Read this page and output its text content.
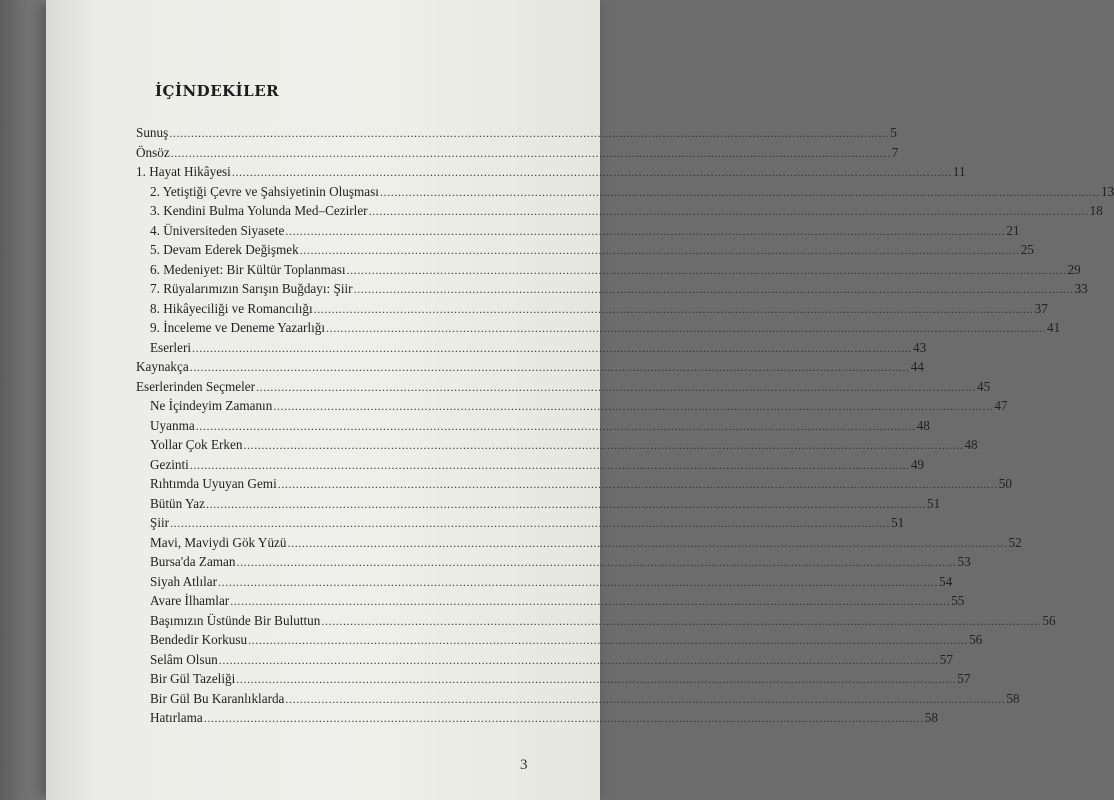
İÇİNDEKİLER
Sunuş ........................................................................................................................................................................................................ 5
Önsöz ........................................................................................................................................................................................................ 7
1. Hayat Hikâyesi ........................................................................................................................................................................................................ 11
2. Yetiştiği Çevre ve Şahsiyetinin Oluşması ........................................................................................................................................................................................................ 13
3. Kendini Bulma Yolunda Med–Cezirler ........................................................................................................................................................................................................ 18
4. Üniversiteden Siyasete ........................................................................................................................................................................................................ 21
5. Devam Ederek Değişmek ........................................................................................................................................................................................................ 25
6. Medeniyet: Bir Kültür Toplanması ........................................................................................................................................................................................................ 29
7. Rüyalarımızın Sarışın Buğdayı: Şiir ........................................................................................................................................................................................................ 33
8. Hikâyeciliği ve Romancılığı ........................................................................................................................................................................................................ 37
9. İnceleme ve Deneme Yazarlığı ........................................................................................................................................................................................................ 41
Eserleri ........................................................................................................................................................................................................ 43
Kaynakça ........................................................................................................................................................................................................ 44
Eserlerinden Seçmeler ........................................................................................................................................................................................................ 45
Ne İçindeyim Zamanın ........................................................................................................................................................................................................ 47
Uyanma ........................................................................................................................................................................................................ 48
Yollar Çok Erken ........................................................................................................................................................................................................ 48
Gezinti ........................................................................................................................................................................................................ 49
Rıhtımda Uyuyan Gemi ........................................................................................................................................................................................................ 50
Bütün Yaz ........................................................................................................................................................................................................ 51
Şiir ........................................................................................................................................................................................................ 51
Mavi, Maviydi Gök Yüzü ........................................................................................................................................................................................................ 52
Bursa'da Zaman ........................................................................................................................................................................................................ 53
Siyah Atlılar ........................................................................................................................................................................................................ 54
Avare İlhamlar ........................................................................................................................................................................................................ 55
Başımızın Üstünde Bir Buluttun ........................................................................................................................................................................................................ 56
Bendedir Korkusu ........................................................................................................................................................................................................ 56
Selâm Olsun ........................................................................................................................................................................................................ 57
Bir Gül Tazeliği ........................................................................................................................................................................................................ 57
Bir Gül Bu Karanlıklarda ........................................................................................................................................................................................................ 58
Hatırlama ........................................................................................................................................................................................................ 58
3
